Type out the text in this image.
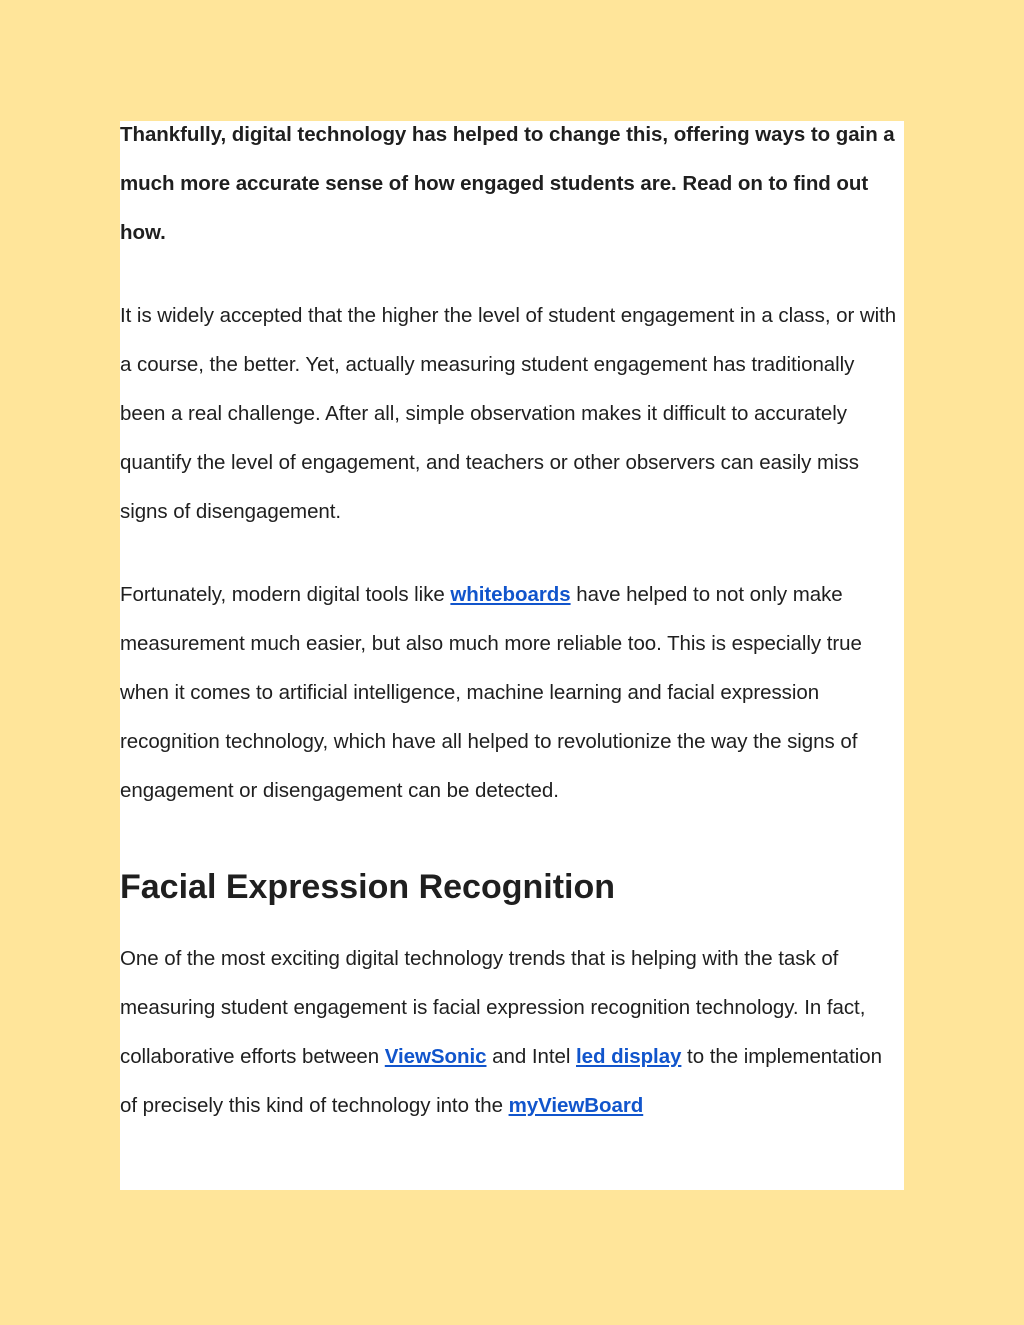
Thankfully, digital technology has helped to change this, offering ways to gain a much more accurate sense of how engaged students are. Read on to find out how.

It is widely accepted that the higher the level of student engagement in a class, or with a course, the better. Yet, actually measuring student engagement has traditionally been a real challenge. After all, simple observation makes it difficult to accurately quantify the level of engagement, and teachers or other observers can easily miss signs of disengagement.

Fortunately, modern digital tools like whiteboards have helped to not only make measurement much easier, but also much more reliable too. This is especially true when it comes to artificial intelligence, machine learning and facial expression recognition technology, which have all helped to revolutionize the way the signs of engagement or disengagement can be detected.

Facial Expression Recognition

One of the most exciting digital technology trends that is helping with the task of measuring student engagement is facial expression recognition technology. In fact, collaborative efforts between ViewSonic and Intel led display to the implementation of precisely this kind of technology into the myViewBoard
